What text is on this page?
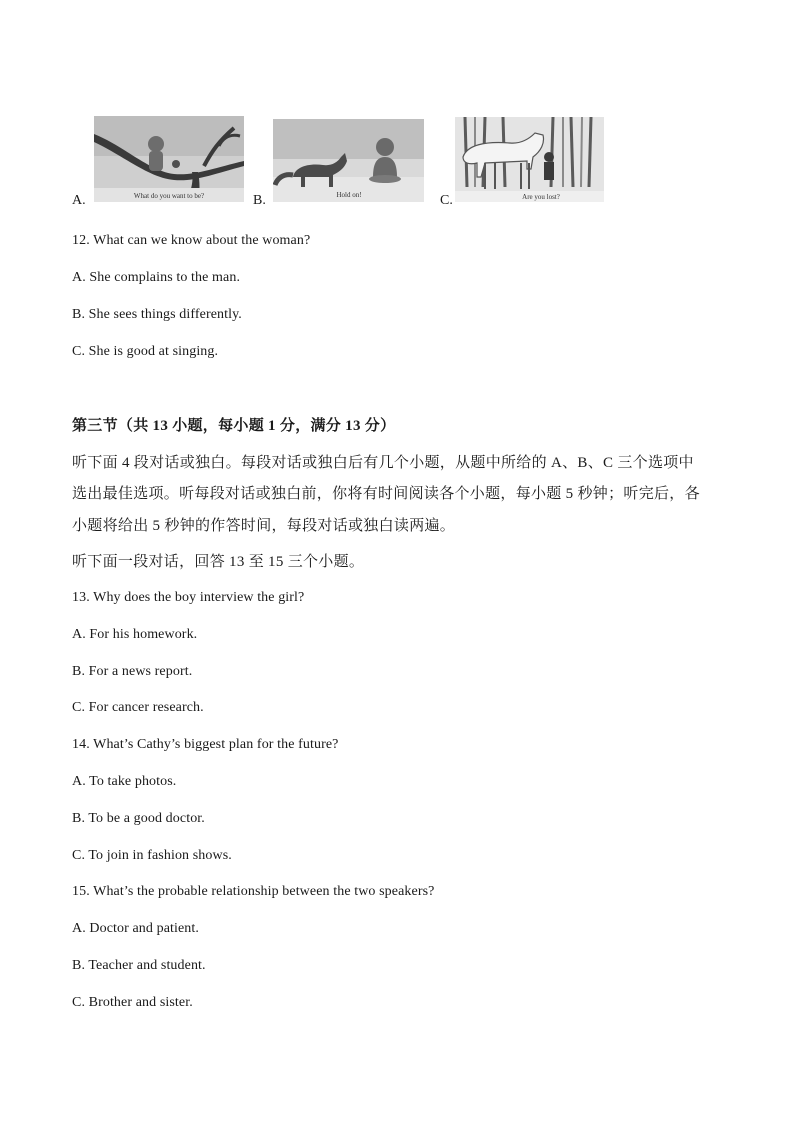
A.	What do you want to be?	B.	Hold on!	C.	Are you lost?
12. What can we know about the woman?
A. She complains to the man.
B. She sees things differently.
C. She is good at singing.
第三节（共 13 小题，每小题 1 分，满分 13 分）
听下面 4 段对话或独白。每段对话或独白后有几个小题，从题中所给的 A、B、C 三个选项中
选出最佳选项。听每段对话或独白前，你将有时间阅读各个小题，每小题 5 秒钟；听完后，各
小题将给出 5 秒钟的作答时间，每段对话或独白读两遍。
听下面一段对话，回答 13 至 15 三个小题。
13. Why does the boy interview the girl?
A. For his homework.
B. For a news report.
C. For cancer research.
14. What’s Cathy’s biggest plan for the future?
A. To take photos.
B. To be a good doctor.
C. To join in fashion shows.
15. What’s the probable relationship between the two speakers?
A. Doctor and patient.
B. Teacher and student.
C. Brother and sister.
